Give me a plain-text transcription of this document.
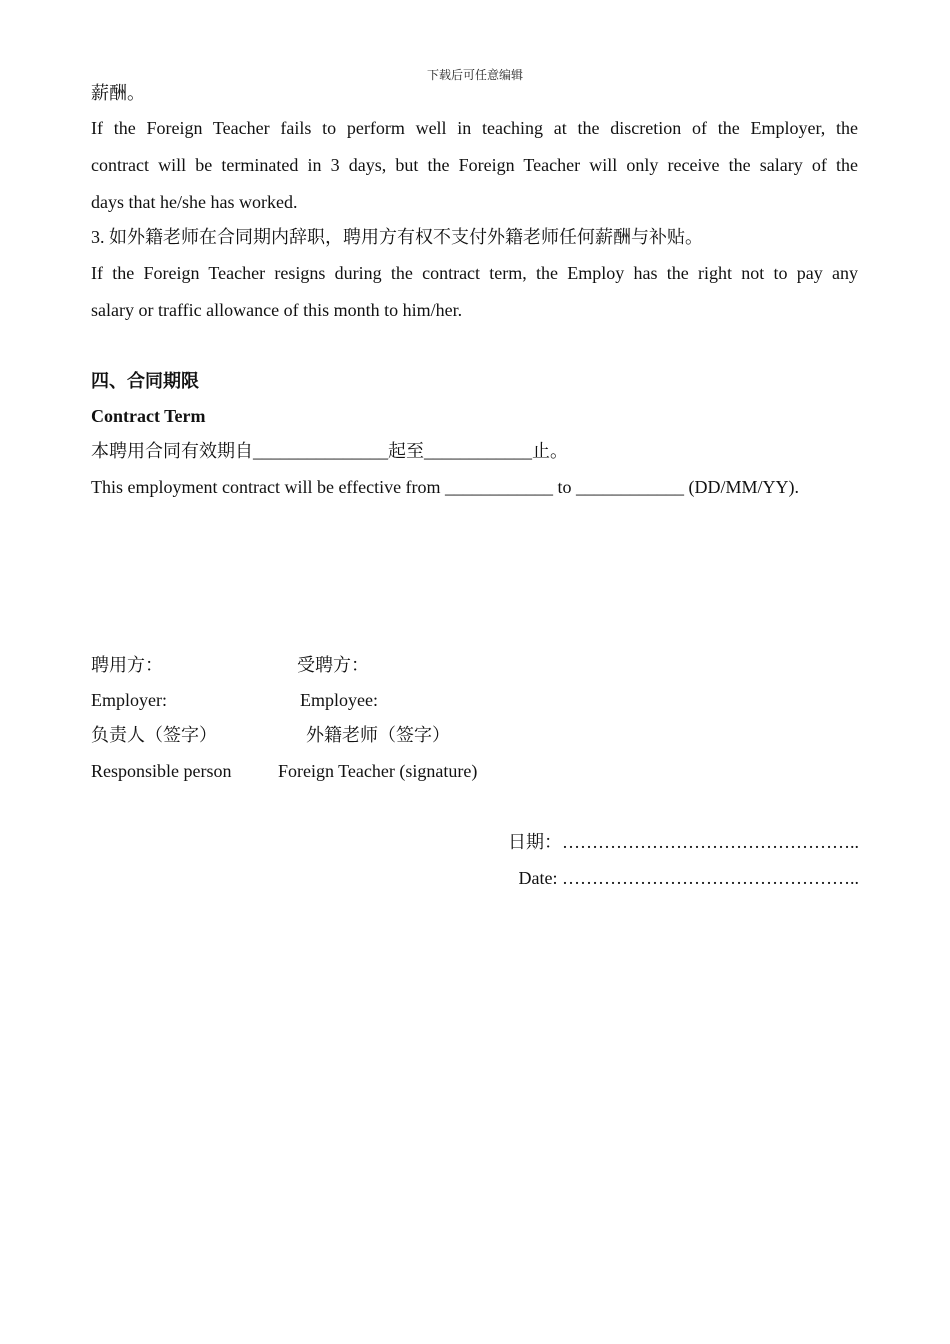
下载后可任意编辑
薪酬。
If the Foreign Teacher fails to perform well in teaching at the discretion of the Employer, the
contract will be terminated in 3 days, but the Foreign Teacher will only receive the salary of the
days that he/she has worked.
3. 如外籍老师在合同期内辞职，聘用方有权不支付外籍老师任何薪酬与补贴。
If the Foreign Teacher resigns during the contract term, the Employ has the right not to pay any
salary or traffic allowance of this month to him/her.
四、合同期限
Contract Term
本聘用合同有效期自_______________起至____________止。
This employment contract will be effective from ____________ to ____________ (DD/MM/YY).
聘用方：	受聘方：
Employer:	Employee:
负责人（签字）	外籍老师（签字）
Responsible person	Foreign Teacher (signature)
日期：…………………………………………..
Date: …………………………………………..
